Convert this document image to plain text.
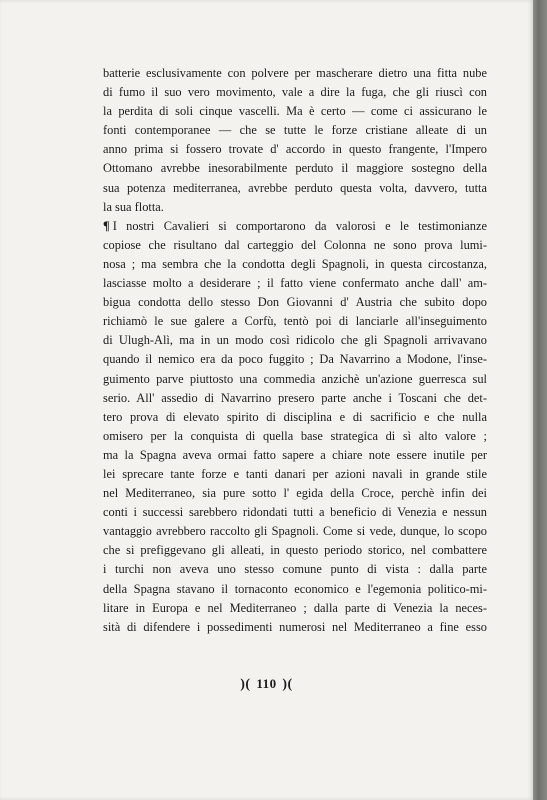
batterie esclusivamente con polvere per mascherare dietro una fitta nube
di fumo il suo vero movimento, vale a dire la fuga, che gli riuscì con
la perdita di soli cinque vascelli. Ma è certo — come ci assicurano le
fonti contemporanee — che se tutte le forze cristiane alleate di un
anno prima si fossero trovate d' accordo in questo frangente, l'Impero
Ottomano avrebbe inesorabilmente perduto il maggiore sostegno della
sua potenza mediterranea, avrebbe perduto questa volta, davvero, tutta
la sua flotta.
¶ I nostri Cavalieri si comportarono da valorosi e le testimonianze
copiose che risultano dal carteggio del Colonna ne sono prova lumi-
nosa ; ma sembra che la condotta degli Spagnoli, in questa circostanza,
lasciasse molto a desiderare ; il fatto viene confermato anche dall' am-
bigua condotta dello stesso Don Giovanni d' Austria che subito dopo
richiamò le sue galere a Corfù, tentò poi di lanciarle all'inseguimento
di Ulugh-Alì, ma in un modo così ridicolo che gli Spagnoli arrivavano
quando il nemico era da poco fuggito ; Da Navarrino a Modone, l'inse-
guimento parve piuttosto una commedia anzichè un'azione guerresca sul
serio. All' assedio di Navarrino presero parte anche i Toscani che det-
tero prova di elevato spirito di disciplina e di sacrificio e che nulla
omisero per la conquista di quella base strategica di sì alto valore ;
ma la Spagna aveva ormai fatto sapere a chiare note essere inutile per
lei sprecare tante forze e tanti danari per azioni navali in grande stile
nel Mediterraneo, sia pure sotto l' egida della Croce, perchè infin dei
conti i successi sarebbero ridondati tutti a beneficio di Venezia e nessun
vantaggio avrebbero raccolto gli Spagnoli. Come si vede, dunque, lo scopo
che si prefiggevano gli alleati, in questo periodo storico, nel combattere
i turchi non aveva uno stesso comune punto di vista : dalla parte
della Spagna stavano il tornaconto economico e l'egemonia politico-mi-
litare in Europa e nel Mediterraneo ; dalla parte di Venezia la neces-
sità di difendere i possedimenti numerosi nel Mediterraneo a fine esso
)( 110 )(
